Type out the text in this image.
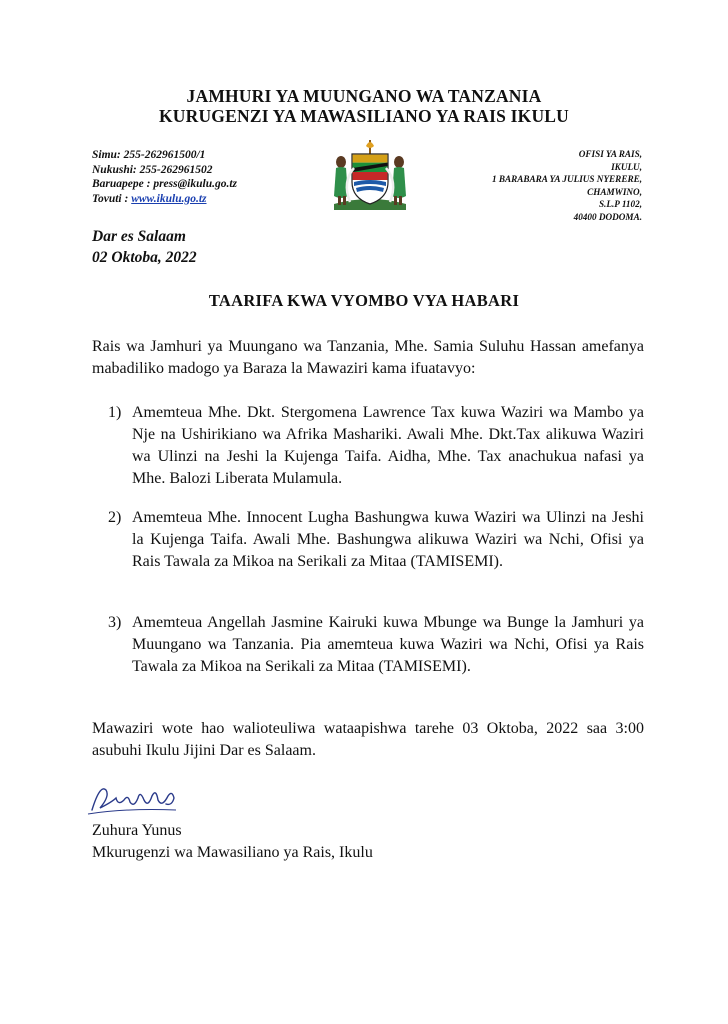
JAMHURI YA MUUNGANO WA TANZANIA
KURUGENZI YA MAWASILIANO YA RAIS IKULU
Simu: 255-262961500/1
Nukushi: 255-262961502
Baruapepe : press@ikulu.go.tz
Tovuti : www.ikulu.go.tz
OFISI YA RAIS,
IKULU,
1 BARABARA YA JULIUS NYERERE,
CHAMWINO,
S.L.P 1102,
40400 DODOMA.
Dar es Salaam
02 Oktoba, 2022
TAARIFA KWA VYOMBO VYA HABARI
Rais wa Jamhuri ya Muungano wa Tanzania, Mhe. Samia Suluhu Hassan amefanya mabadiliko madogo ya Baraza la Mawaziri kama ifuatavyo:
1) Amemteua Mhe. Dkt. Stergomena Lawrence Tax kuwa Waziri wa Mambo ya Nje na Ushirikiano wa Afrika Mashariki. Awali Mhe. Dkt.Tax alikuwa Waziri wa Ulinzi na Jeshi la Kujenga Taifa. Aidha, Mhe. Tax anachukua nafasi ya Mhe. Balozi Liberata Mulamula.
2) Amemteua Mhe. Innocent Lugha Bashungwa kuwa Waziri wa Ulinzi na Jeshi la Kujenga Taifa. Awali Mhe. Bashungwa alikuwa Waziri wa Nchi, Ofisi ya Rais Tawala za Mikoa na Serikali za Mitaa (TAMISEMI).
3) Amemteua Angellah Jasmine Kairuki kuwa Mbunge wa Bunge la Jamhuri ya Muungano wa Tanzania. Pia amemteua kuwa Waziri wa Nchi, Ofisi ya Rais Tawala za Mikoa na Serikali za Mitaa (TAMISEMI).
Mawaziri wote hao walioteuliwa wataapishwa tarehe 03 Oktoba, 2022 saa 3:00 asubuhi Ikulu Jijini Dar es Salaam.
Zuhura Yunus
Mkurugenzi wa Mawasiliano ya Rais, Ikulu
